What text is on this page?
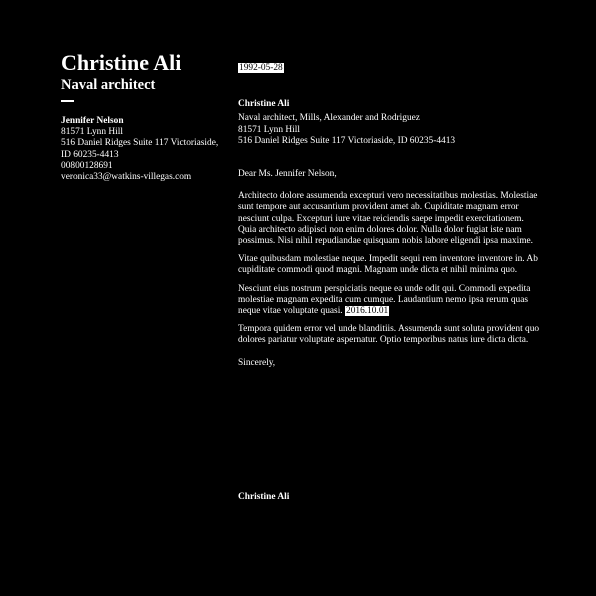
Christine Ali
Naval architect
Jennifer Nelson
81571 Lynn Hill
516 Daniel Ridges Suite 117 Victoriaside,
ID 60235-4413
00800128691
veronica33@watkins-villegas.com
1992-05-28
Christine Ali
Naval architect, Mills, Alexander and Rodriguez
81571 Lynn Hill
516 Daniel Ridges Suite 117 Victoriaside, ID 60235-4413
Dear Ms. Jennifer Nelson,

Architecto dolore assumenda excepturi vero necessitatibus molestias. Molestiae sunt tempore aut accusantium provident amet ab. Cupiditate magnam error nesciunt culpa. Excepturi iure vitae reiciendis saepe impedit exercitationem. Quia architecto adipisci non enim dolores dolor. Nulla dolor fugiat iste nam possimus. Nisi nihil repudiandae quisquam nobis labore eligendi ipsa maxime.

Vitae quibusdam molestiae neque. Impedit sequi rem inventore inventore in. Ab cupiditate commodi quod magni. Magnam unde dicta et nihil minima quo.

Nesciunt eius nostrum perspiciatis neque ea unde odit qui. Commodi expedita molestiae magnam expedita cum cumque. Laudantium nemo ipsa rerum quas neque vitae voluptate quasi. 2016.10.01

Tempora quidem error vel unde blanditiis. Assumenda sunt soluta provident quo dolores pariatur voluptate aspernatur. Optio temporibus natus iure dicta dicta.

Sincerely,
Christine Ali
